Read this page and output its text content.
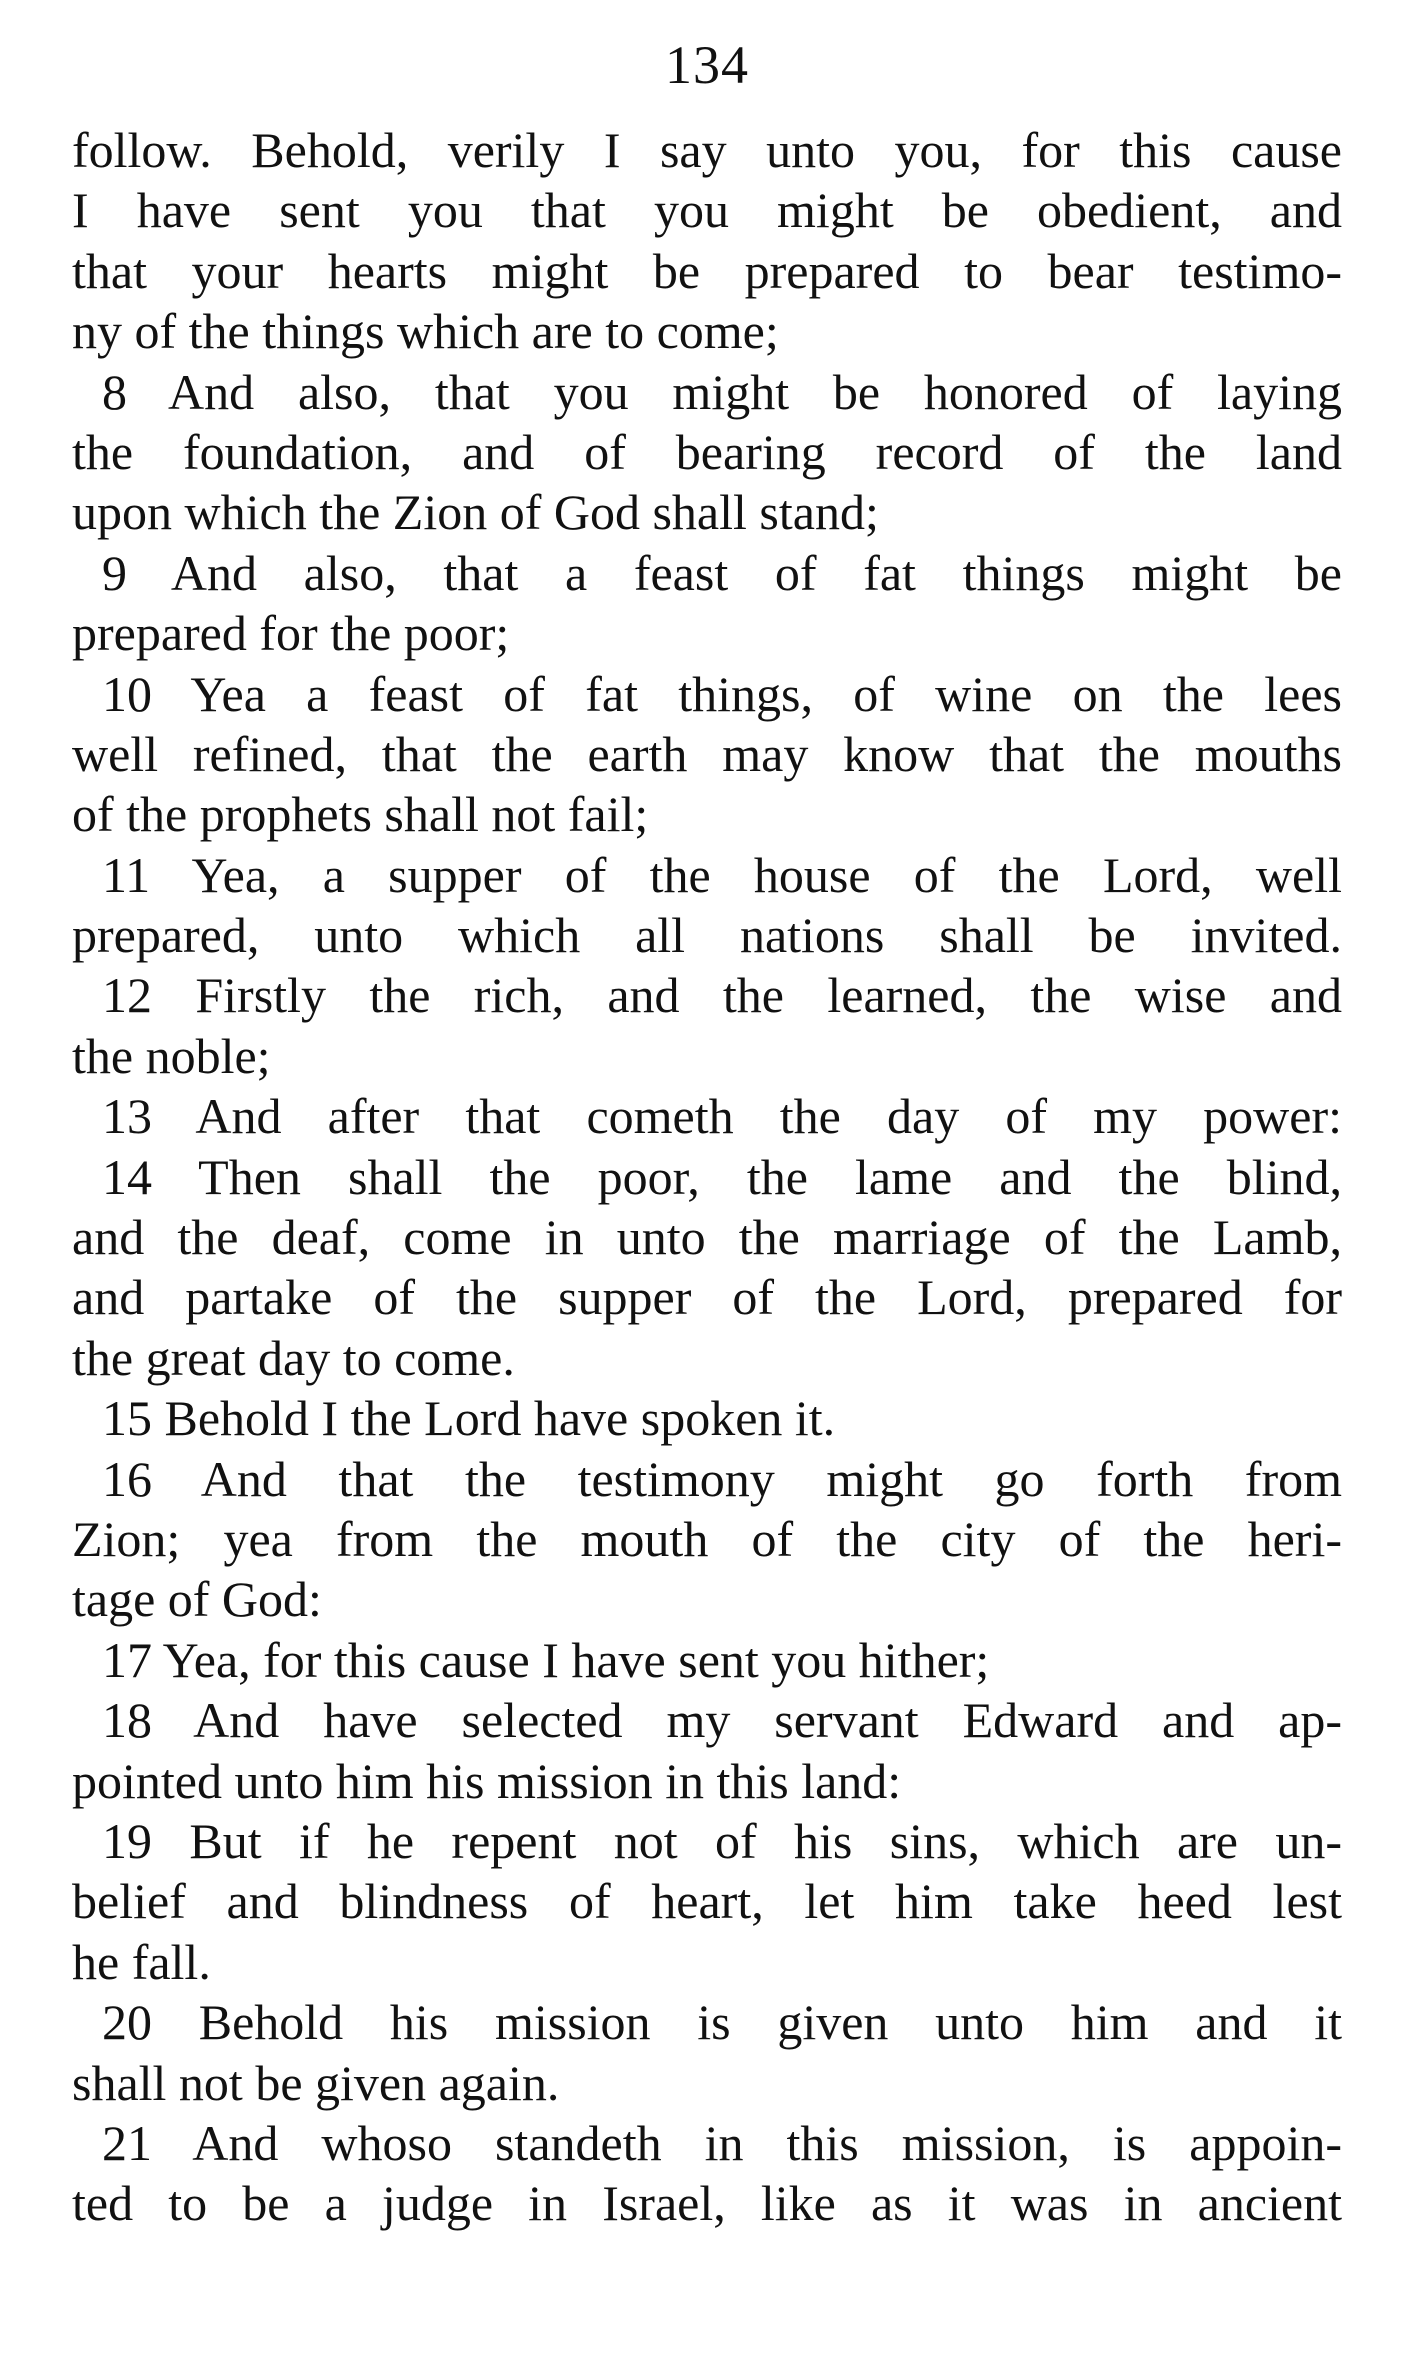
134
follow. Behold, verily I say unto you, for this cause
I have sent you that you might be obedient, and
that your hearts might be prepared to bear testimo-
ny of the things which are to come;
8 And also, that you might be honored of laying
the foundation, and of bearing record of the land
upon which the Zion of God shall stand;
9 And also, that a feast of fat things might be
prepared for the poor;
10 Yea a feast of fat things, of wine on the lees
well refined, that the earth may know that the mouths
of the prophets shall not fail;
11 Yea, a supper of the house of the Lord, well
prepared, unto which all nations shall be invited.
12 Firstly the rich, and the learned, the wise and
the noble;
13 And after that cometh the day of my power:
14 Then shall the poor, the lame and the blind,
and the deaf, come in unto the marriage of the Lamb,
and partake of the supper of the Lord, prepared for
the great day to come.
15 Behold I the Lord have spoken it.
16 And that the testimony might go forth from
Zion; yea from the mouth of the city of the heri-
tage of God:
17 Yea, for this cause I have sent you hither;
18 And have selected my servant Edward and ap-
pointed unto him his mission in this land:
19 But if he repent not of his sins, which are un-
belief and blindness of heart, let him take heed lest
he fall.
20 Behold his mission is given unto him and it
shall not be given again.
21 And whoso standeth in this mission, is appoin-
ted to be a judge in Israel, like as it was in ancient
